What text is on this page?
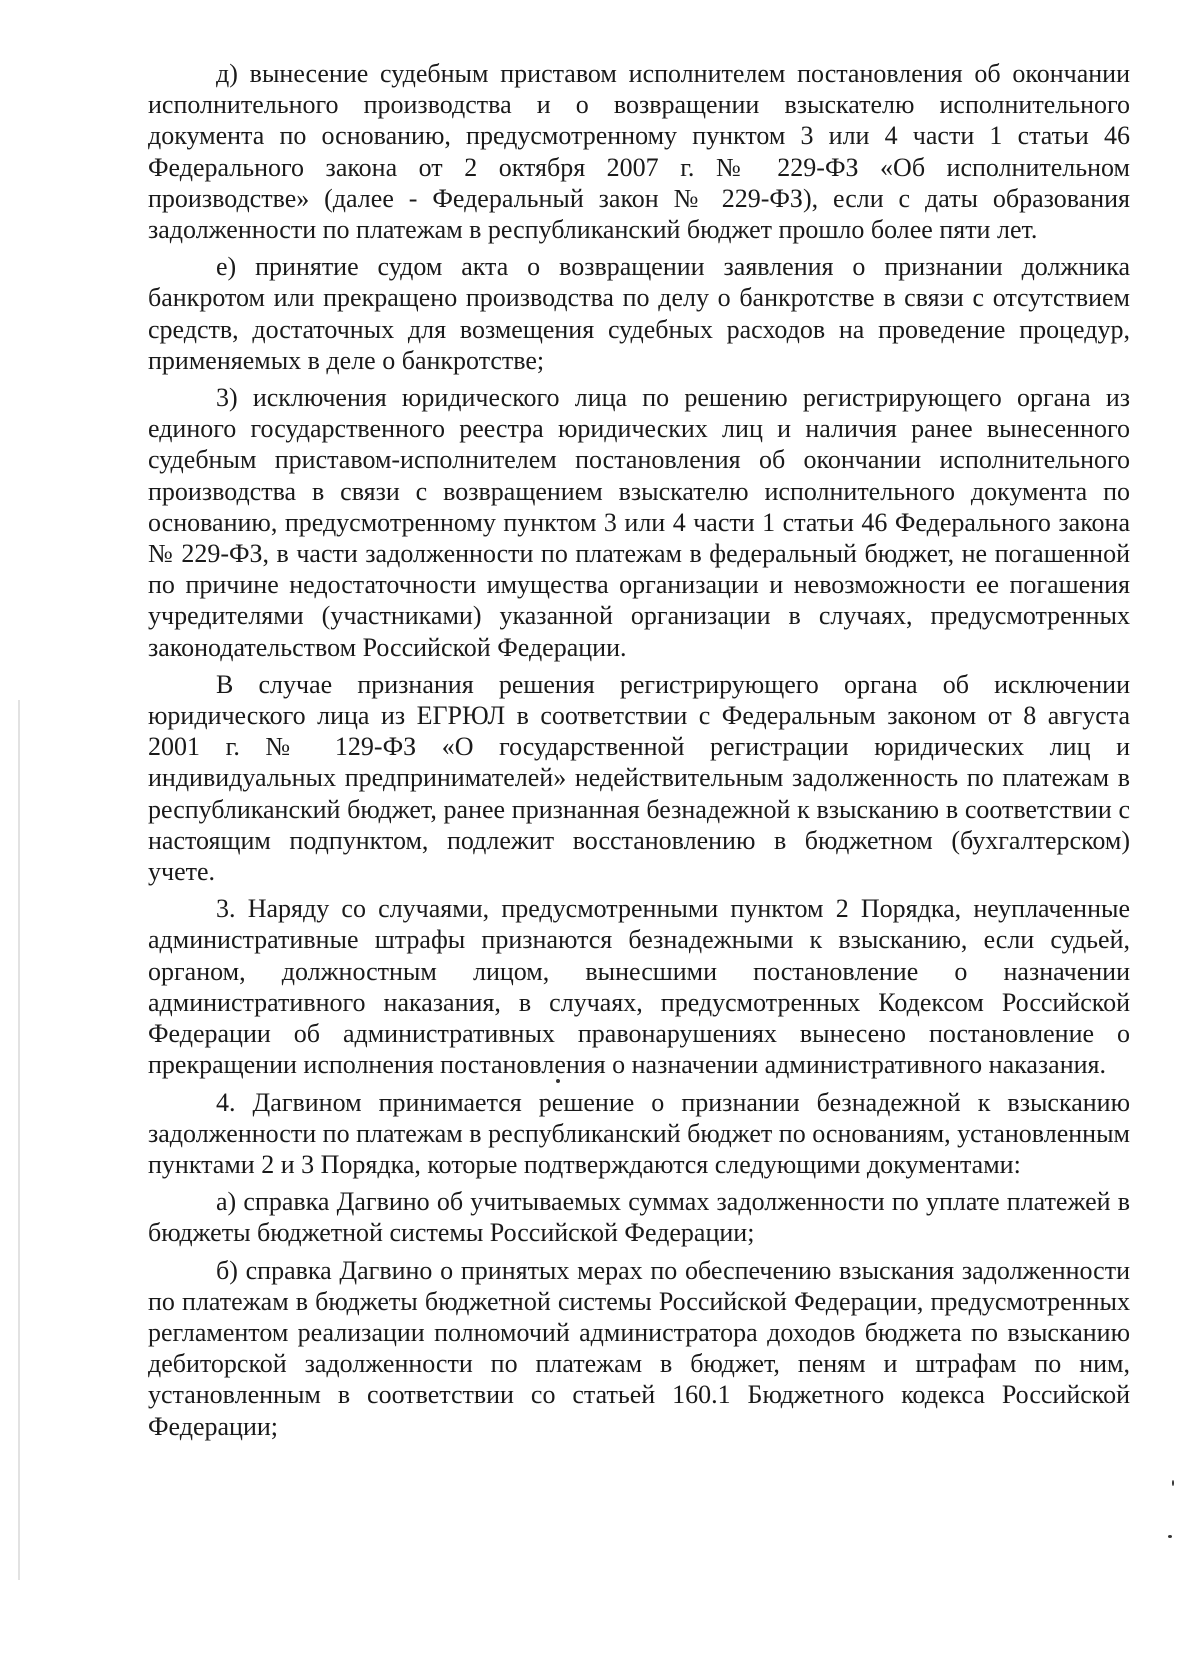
д) вынесение судебным приставом исполнителем постановления об окончании исполнительного производства и о возвращении взыскателю исполнительного документа по основанию, предусмотренному пунктом 3 или 4 части 1 статьи 46 Федерального закона от 2 октября 2007 г. № 229-ФЗ «Об исполнительном производстве» (далее - Федеральный закон № 229-ФЗ), если с даты образования задолженности по платежам в республиканский бюджет прошло более пяти лет.

е) принятие судом акта о возвращении заявления о признании должника банкротом или прекращено производства по делу о банкротстве в связи с отсутствием средств, достаточных для возмещения судебных расходов на проведение процедур, применяемых в деле о банкротстве;

3) исключения юридического лица по решению регистрирующего органа из единого государственного реестра юридических лиц и наличия ранее вынесенного судебным приставом-исполнителем постановления об окончании исполнительного производства в связи с возвращением взыскателю исполнительного документа по основанию, предусмотренному пунктом 3 или 4 части 1 статьи 46 Федерального закона № 229-ФЗ, в части задолженности по платежам в федеральный бюджет, не погашенной по причине недостаточности имущества организации и невозможности ее погашения учредителями (участниками) указанной организации в случаях, предусмотренных законодательством Российской Федерации.

В случае признания решения регистрирующего органа об исключении юридического лица из ЕГРЮЛ в соответствии с Федеральным законом от 8 августа 2001 г. № 129-ФЗ «О государственной регистрации юридических лиц и индивидуальных предпринимателей» недействительным задолженность по платежам в республиканский бюджет, ранее признанная безнадежной к взысканию в соответствии с настоящим подпунктом, подлежит восстановлению в бюджетном (бухгалтерском) учете.

3. Наряду со случаями, предусмотренными пунктом 2 Порядка, неуплаченные административные штрафы признаются безнадежными к взысканию, если судьей, органом, должностным лицом, вынесшими постановление о назначении административного наказания, в случаях, предусмотренных Кодексом Российской Федерации об административных правонарушениях вынесено постановление о прекращении исполнения постановления о назначении административного наказания.

4. Дагвином принимается решение о признании безнадежной к взысканию задолженности по платежам в республиканский бюджет по основаниям, установленным пунктами 2 и 3 Порядка, которые подтверждаются следующими документами:

а) справка Дагвино об учитываемых суммах задолженности по уплате платежей в бюджеты бюджетной системы Российской Федерации;

б) справка Дагвино о принятых мерах по обеспечению взыскания задолженности по платежам в бюджеты бюджетной системы Российской Федерации, предусмотренных регламентом реализации полномочий администратора доходов бюджета по взысканию дебиторской задолженности по платежам в бюджет, пеням и штрафам по ним, установленным в соответствии со статьей 160.1 Бюджетного кодекса Российской Федерации;
